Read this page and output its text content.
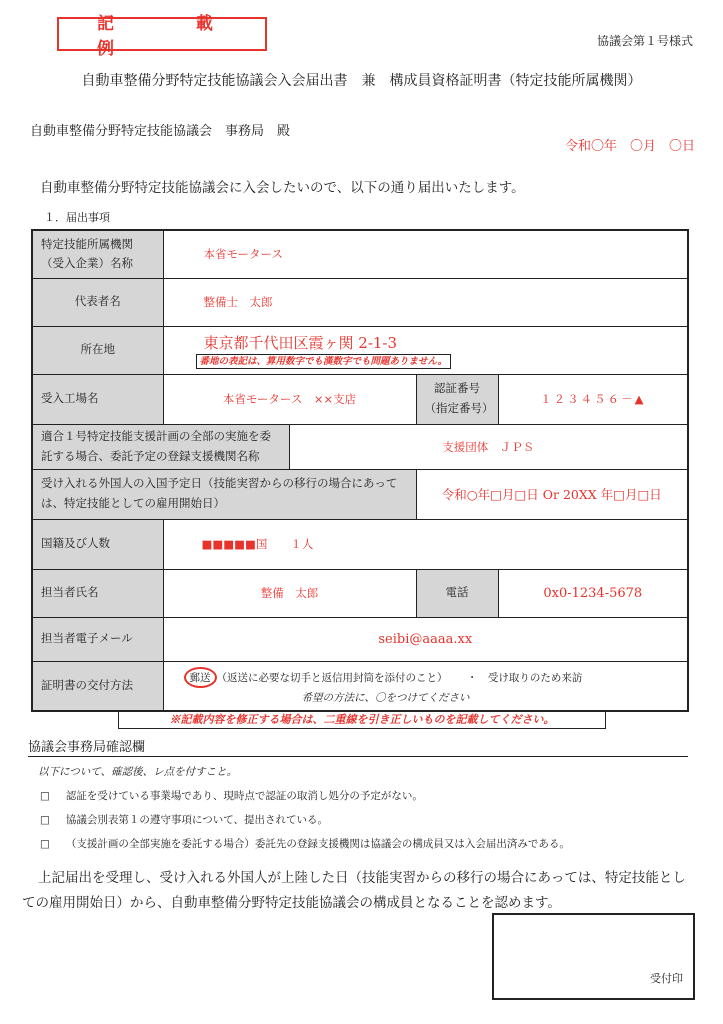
記 載 例	協議会第１号様式
自動車整備分野特定技能協議会入会届出書　兼　構成員資格証明書（特定技能所属機関）
自動車整備分野特定技能協議会　事務局　殿
令和〇年　〇月　〇日
自動車整備分野特定技能協議会に入会したいので、以下の通り届出いたします。
１．届出事項
特定技能所属機関（受入企業）名称	本省モータース			
代表者名	整備士　太郎			
所在地	東京都千代田区霞ヶ関 2-1-3
番地の表記は、算用数字でも漢数字でも問題ありません。			
受入工場名	本省モータース　××支店		認証番号（指定番号）	１２３４５６－▲
適合１号特定技能支援計画の全部の実施を委託する場合、委託予定の登録支援機関名称		支援団体　ＪＰＳ		
受け入れる外国人の入国予定日（技能実習からの移行の場合にあっては、特定技能としての雇用開始日）			令和○年□月□日 Or 20XX 年□月□日	
国籍及び人数	■■■■■国　　１人			
担当者氏名	整備　太郎		電話	0x0-1234-5678
担当者電子メール	seibi@aaaa.xx			
証明書の交付方法	郵送 （返送に必要な切手と返信用封筒を添付のこと） ・　受け取りのため来訪
希望の方法に、〇をつけてください			
※記載内容を修正する場合は、二重線を引き正しいものを記載してください。
協議会事務局確認欄
以下について、確認後、レ点を付すこと。
□ 認証を受けている事業場であり、現時点で認証の取消し処分の予定がない。
□ 協議会別表第１の遵守事項について、提出されている。
□ （支援計画の全部実施を委託する場合）委託先の登録支援機関は協議会の構成員又は入会届出済みである。
上記届出を受理し、受け入れる外国人が上陸した日（技能実習からの移行の場合にあっては、特定技能としての雇用開始日）から、自動車整備分野特定技能協議会の構成員となることを認めます。
受付印
